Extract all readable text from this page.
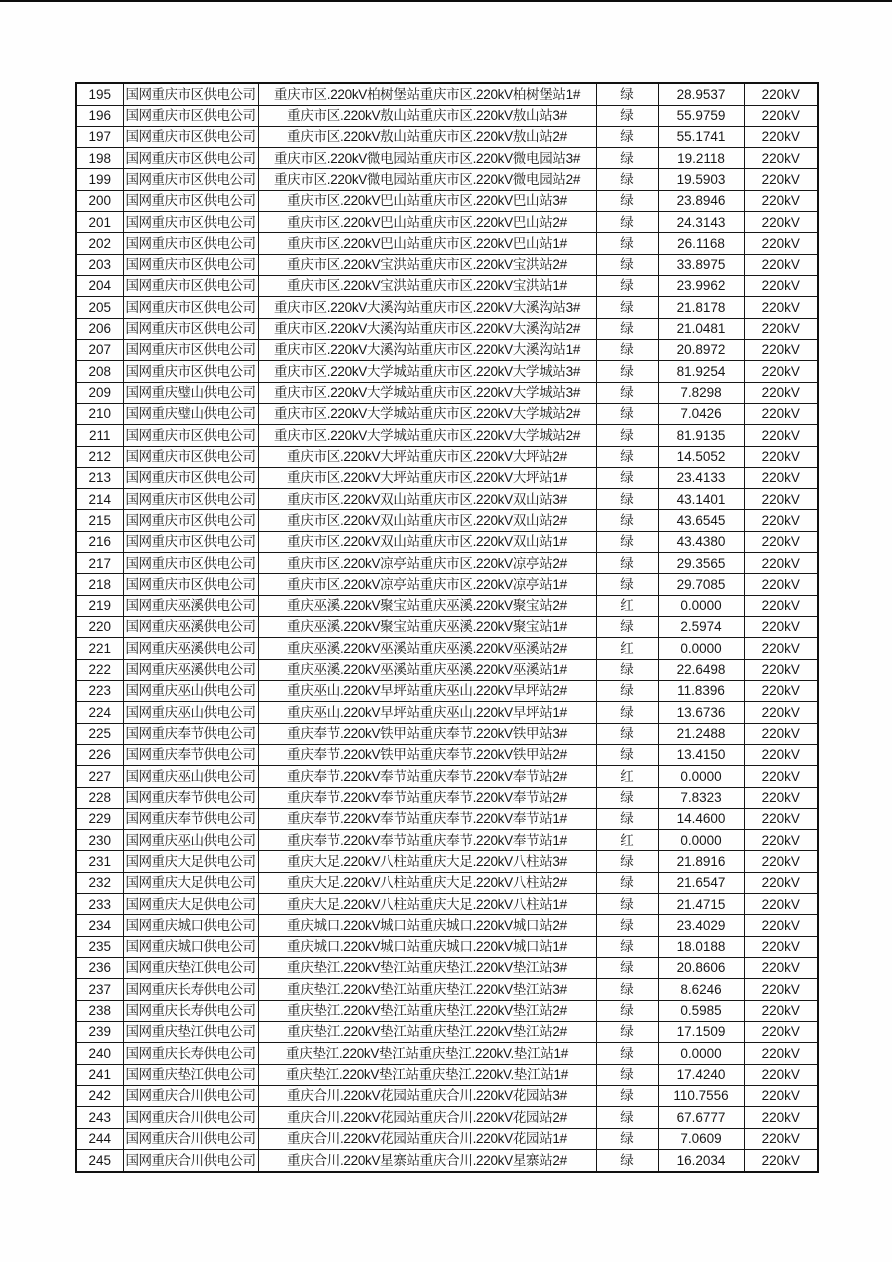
195	国网重庆市区供电公司	重庆市区.220kV柏树堡站重庆市区.220kV柏树堡站1#	绿	28.9537	220kV
196	国网重庆市区供电公司	重庆市区.220kV敖山站重庆市区.220kV敖山站3#	绿	55.9759	220kV
197	国网重庆市区供电公司	重庆市区.220kV敖山站重庆市区.220kV敖山站2#	绿	55.1741	220kV
198	国网重庆市区供电公司	重庆市区.220kV微电园站重庆市区.220kV微电园站3#	绿	19.2118	220kV
199	国网重庆市区供电公司	重庆市区.220kV微电园站重庆市区.220kV微电园站2#	绿	19.5903	220kV
200	国网重庆市区供电公司	重庆市区.220kV巴山站重庆市区.220kV巴山站3#	绿	23.8946	220kV
201	国网重庆市区供电公司	重庆市区.220kV巴山站重庆市区.220kV巴山站2#	绿	24.3143	220kV
202	国网重庆市区供电公司	重庆市区.220kV巴山站重庆市区.220kV巴山站1#	绿	26.1168	220kV
203	国网重庆市区供电公司	重庆市区.220kV宝洪站重庆市区.220kV宝洪站2#	绿	33.8975	220kV
204	国网重庆市区供电公司	重庆市区.220kV宝洪站重庆市区.220kV宝洪站1#	绿	23.9962	220kV
205	国网重庆市区供电公司	重庆市区.220kV大溪沟站重庆市区.220kV大溪沟站3#	绿	21.8178	220kV
206	国网重庆市区供电公司	重庆市区.220kV大溪沟站重庆市区.220kV大溪沟站2#	绿	21.0481	220kV
207	国网重庆市区供电公司	重庆市区.220kV大溪沟站重庆市区.220kV大溪沟站1#	绿	20.8972	220kV
208	国网重庆市区供电公司	重庆市区.220kV大学城站重庆市区.220kV大学城站3#	绿	81.9254	220kV
209	国网重庆璧山供电公司	重庆市区.220kV大学城站重庆市区.220kV大学城站3#	绿	7.8298	220kV
210	国网重庆璧山供电公司	重庆市区.220kV大学城站重庆市区.220kV大学城站2#	绿	7.0426	220kV
211	国网重庆市区供电公司	重庆市区.220kV大学城站重庆市区.220kV大学城站2#	绿	81.9135	220kV
212	国网重庆市区供电公司	重庆市区.220kV大坪站重庆市区.220kV大坪站2#	绿	14.5052	220kV
213	国网重庆市区供电公司	重庆市区.220kV大坪站重庆市区.220kV大坪站1#	绿	23.4133	220kV
214	国网重庆市区供电公司	重庆市区.220kV双山站重庆市区.220kV双山站3#	绿	43.1401	220kV
215	国网重庆市区供电公司	重庆市区.220kV双山站重庆市区.220kV双山站2#	绿	43.6545	220kV
216	国网重庆市区供电公司	重庆市区.220kV双山站重庆市区.220kV双山站1#	绿	43.4380	220kV
217	国网重庆市区供电公司	重庆市区.220kV凉亭站重庆市区.220kV凉亭站2#	绿	29.3565	220kV
218	国网重庆市区供电公司	重庆市区.220kV凉亭站重庆市区.220kV凉亭站1#	绿	29.7085	220kV
219	国网重庆巫溪供电公司	重庆巫溪.220kV聚宝站重庆巫溪.220kV聚宝站2#	红	0.0000	220kV
220	国网重庆巫溪供电公司	重庆巫溪.220kV聚宝站重庆巫溪.220kV聚宝站1#	绿	2.5974	220kV
221	国网重庆巫溪供电公司	重庆巫溪.220kV巫溪站重庆巫溪.220kV巫溪站2#	红	0.0000	220kV
222	国网重庆巫溪供电公司	重庆巫溪.220kV巫溪站重庆巫溪.220kV巫溪站1#	绿	22.6498	220kV
223	国网重庆巫山供电公司	重庆巫山.220kV早坪站重庆巫山.220kV早坪站2#	绿	11.8396	220kV
224	国网重庆巫山供电公司	重庆巫山.220kV早坪站重庆巫山.220kV早坪站1#	绿	13.6736	220kV
225	国网重庆奉节供电公司	重庆奉节.220kV铁甲站重庆奉节.220kV铁甲站3#	绿	21.2488	220kV
226	国网重庆奉节供电公司	重庆奉节.220kV铁甲站重庆奉节.220kV铁甲站2#	绿	13.4150	220kV
227	国网重庆巫山供电公司	重庆奉节.220kV奉节站重庆奉节.220kV奉节站2#	红	0.0000	220kV
228	国网重庆奉节供电公司	重庆奉节.220kV奉节站重庆奉节.220kV奉节站2#	绿	7.8323	220kV
229	国网重庆奉节供电公司	重庆奉节.220kV奉节站重庆奉节.220kV奉节站1#	绿	14.4600	220kV
230	国网重庆巫山供电公司	重庆奉节.220kV奉节站重庆奉节.220kV奉节站1#	红	0.0000	220kV
231	国网重庆大足供电公司	重庆大足.220kV八柱站重庆大足.220kV八柱站3#	绿	21.8916	220kV
232	国网重庆大足供电公司	重庆大足.220kV八柱站重庆大足.220kV八柱站2#	绿	21.6547	220kV
233	国网重庆大足供电公司	重庆大足.220kV八柱站重庆大足.220kV八柱站1#	绿	21.4715	220kV
234	国网重庆城口供电公司	重庆城口.220kV城口站重庆城口.220kV城口站2#	绿	23.4029	220kV
235	国网重庆城口供电公司	重庆城口.220kV城口站重庆城口.220kV城口站1#	绿	18.0188	220kV
236	国网重庆垫江供电公司	重庆垫江.220kV垫江站重庆垫江.220kV垫江站3#	绿	20.8606	220kV
237	国网重庆长寿供电公司	重庆垫江.220kV垫江站重庆垫江.220kV垫江站3#	绿	8.6246	220kV
238	国网重庆长寿供电公司	重庆垫江.220kV垫江站重庆垫江.220kV垫江站2#	绿	0.5985	220kV
239	国网重庆垫江供电公司	重庆垫江.220kV垫江站重庆垫江.220kV垫江站2#	绿	17.1509	220kV
240	国网重庆长寿供电公司	重庆垫江.220kV垫江站重庆垫江.220kV.垫江站1#	绿	0.0000	220kV
241	国网重庆垫江供电公司	重庆垫江.220kV垫江站重庆垫江.220kV.垫江站1#	绿	17.4240	220kV
242	国网重庆合川供电公司	重庆合川.220kV花园站重庆合川.220kV花园站3#	绿	110.7556	220kV
243	国网重庆合川供电公司	重庆合川.220kV花园站重庆合川.220kV花园站2#	绿	67.6777	220kV
244	国网重庆合川供电公司	重庆合川.220kV花园站重庆合川.220kV花园站1#	绿	7.0609	220kV
245	国网重庆合川供电公司	重庆合川.220kV星寨站重庆合川.220kV星寨站2#	绿	16.2034	220kV
